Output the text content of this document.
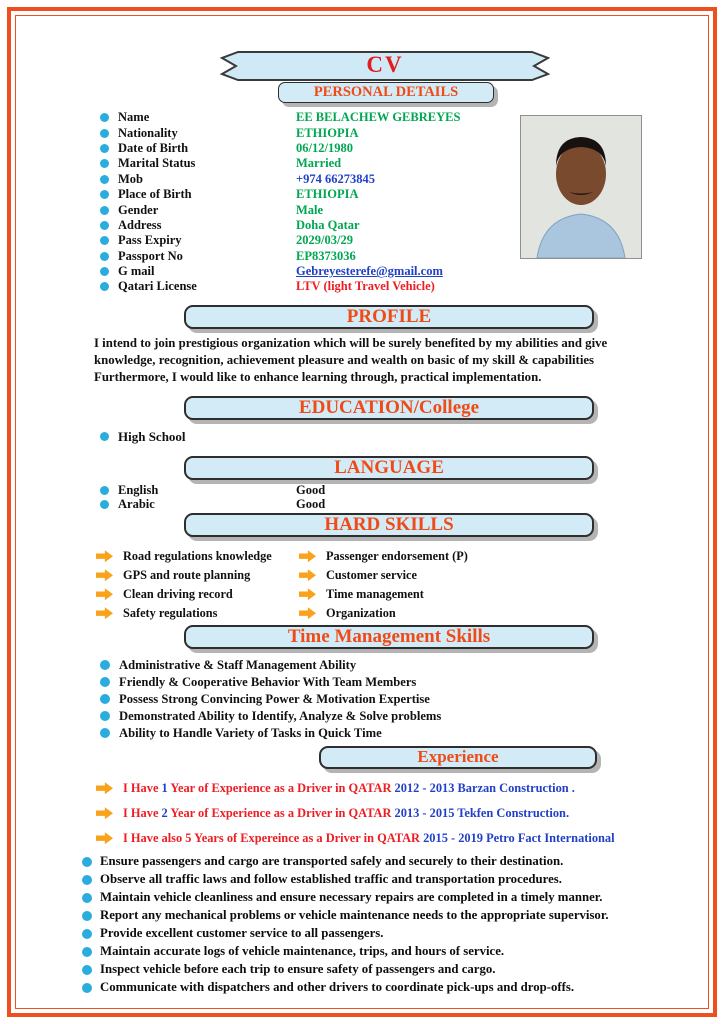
CV
PERSONAL DETAILS
Name	EE BELACHEW GEBREYES
Nationality	ETHIOPIA
Date of Birth	06/12/1980
Marital Status	Married
Mob	+974 66273845
Place of Birth	ETHIOPIA
Gender	Male
Address	Doha Qatar
Pass Expiry	2029/03/29
Passport No	EP8373036
G mail	Gebreyesterefe@gmail.com
Qatari License	LTV (light Travel Vehicle)
PROFILE
I intend to join prestigious organization which will be surely benefited by my abilities and give knowledge, recognition, achievement pleasure and wealth on basic of my skill & capabilities Furthermore, I would like to enhance learning through, practical implementation.
EDUCATION/College
High School
LANGUAGE
English	Good
Arabic	Good
HARD SKILLS
Road regulations knowledge	Passenger endorsement (P)
GPS and route planning	Customer service
Clean driving record	Time management
Safety regulations	Organization
Time Management Skills
Administrative & Staff Management Ability
Friendly & Cooperative Behavior With Team Members
Possess Strong Convincing Power & Motivation Expertise
Demonstrated Ability to Identify, Analyze & Solve problems
Ability to Handle Variety of Tasks in Quick Time
Experience
I Have 1 Year of Experience as a Driver in QATAR 2012 - 2013 Barzan Construction .
I Have 2 Year of Experience as a Driver in QATAR 2013 - 2015 Tekfen Construction.
I Have also 5 Years of Expereince as a Driver in QATAR 2015 - 2019 Petro Fact International
Ensure passengers and cargo are transported safely and securely to their destination.
Observe all traffic laws and follow established traffic and transportation procedures.
Maintain vehicle cleanliness and ensure necessary repairs are completed in a timely manner.
Report any mechanical problems or vehicle maintenance needs to the appropriate supervisor.
Provide excellent customer service to all passengers.
Maintain accurate logs of vehicle maintenance, trips, and hours of service.
Inspect vehicle before each trip to ensure safety of passengers and cargo.
Communicate with dispatchers and other drivers to coordinate pick-ups and drop-offs.
